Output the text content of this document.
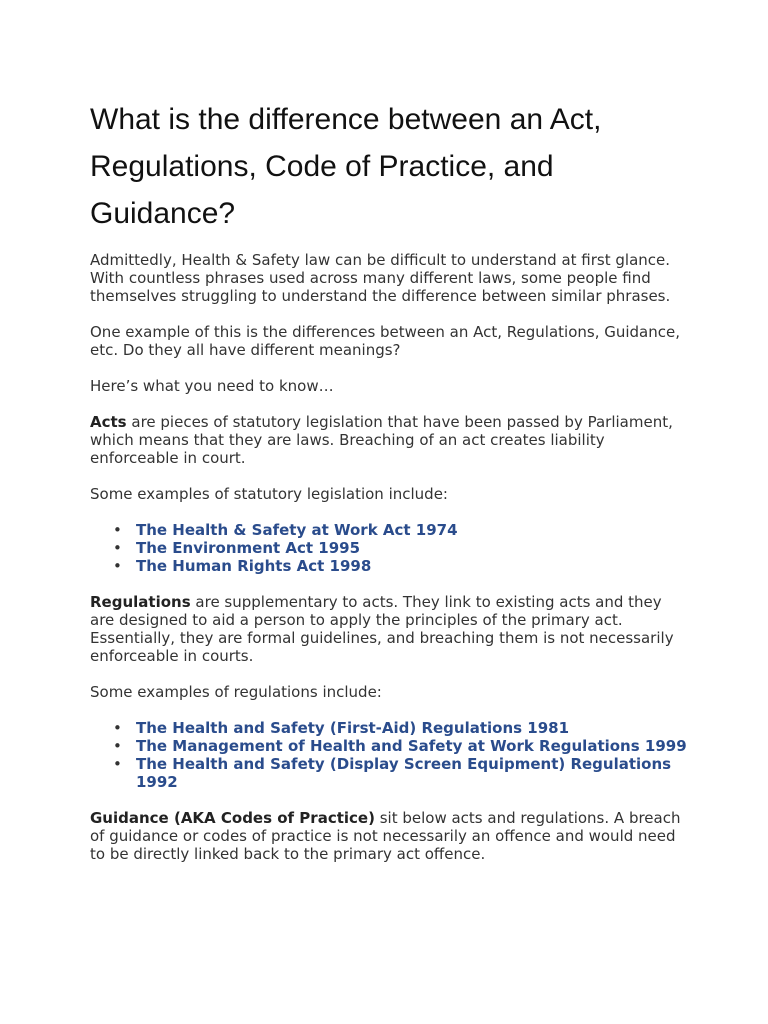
What is the difference between an Act, Regulations, Code of Practice, and Guidance?

Admittedly, Health & Safety law can be difficult to understand at first glance. With countless phrases used across many different laws, some people find themselves struggling to understand the difference between similar phrases.

One example of this is the differences between an Act, Regulations, Guidance, etc. Do they all have different meanings?

Here’s what you need to know…

Acts are pieces of statutory legislation that have been passed by Parliament, which means that they are laws. Breaching of an act creates liability enforceable in court.

Some examples of statutory legislation include:

• The Health & Safety at Work Act 1974
• The Environment Act 1995
• The Human Rights Act 1998

Regulations are supplementary to acts. They link to existing acts and they are designed to aid a person to apply the principles of the primary act. Essentially, they are formal guidelines, and breaching them is not necessarily enforceable in courts.

Some examples of regulations include:

• The Health and Safety (First-Aid) Regulations 1981
• The Management of Health and Safety at Work Regulations 1999
• The Health and Safety (Display Screen Equipment) Regulations 1992

Guidance (AKA Codes of Practice) sit below acts and regulations. A breach of guidance or codes of practice is not necessarily an offence and would need to be directly linked back to the primary act offence.
